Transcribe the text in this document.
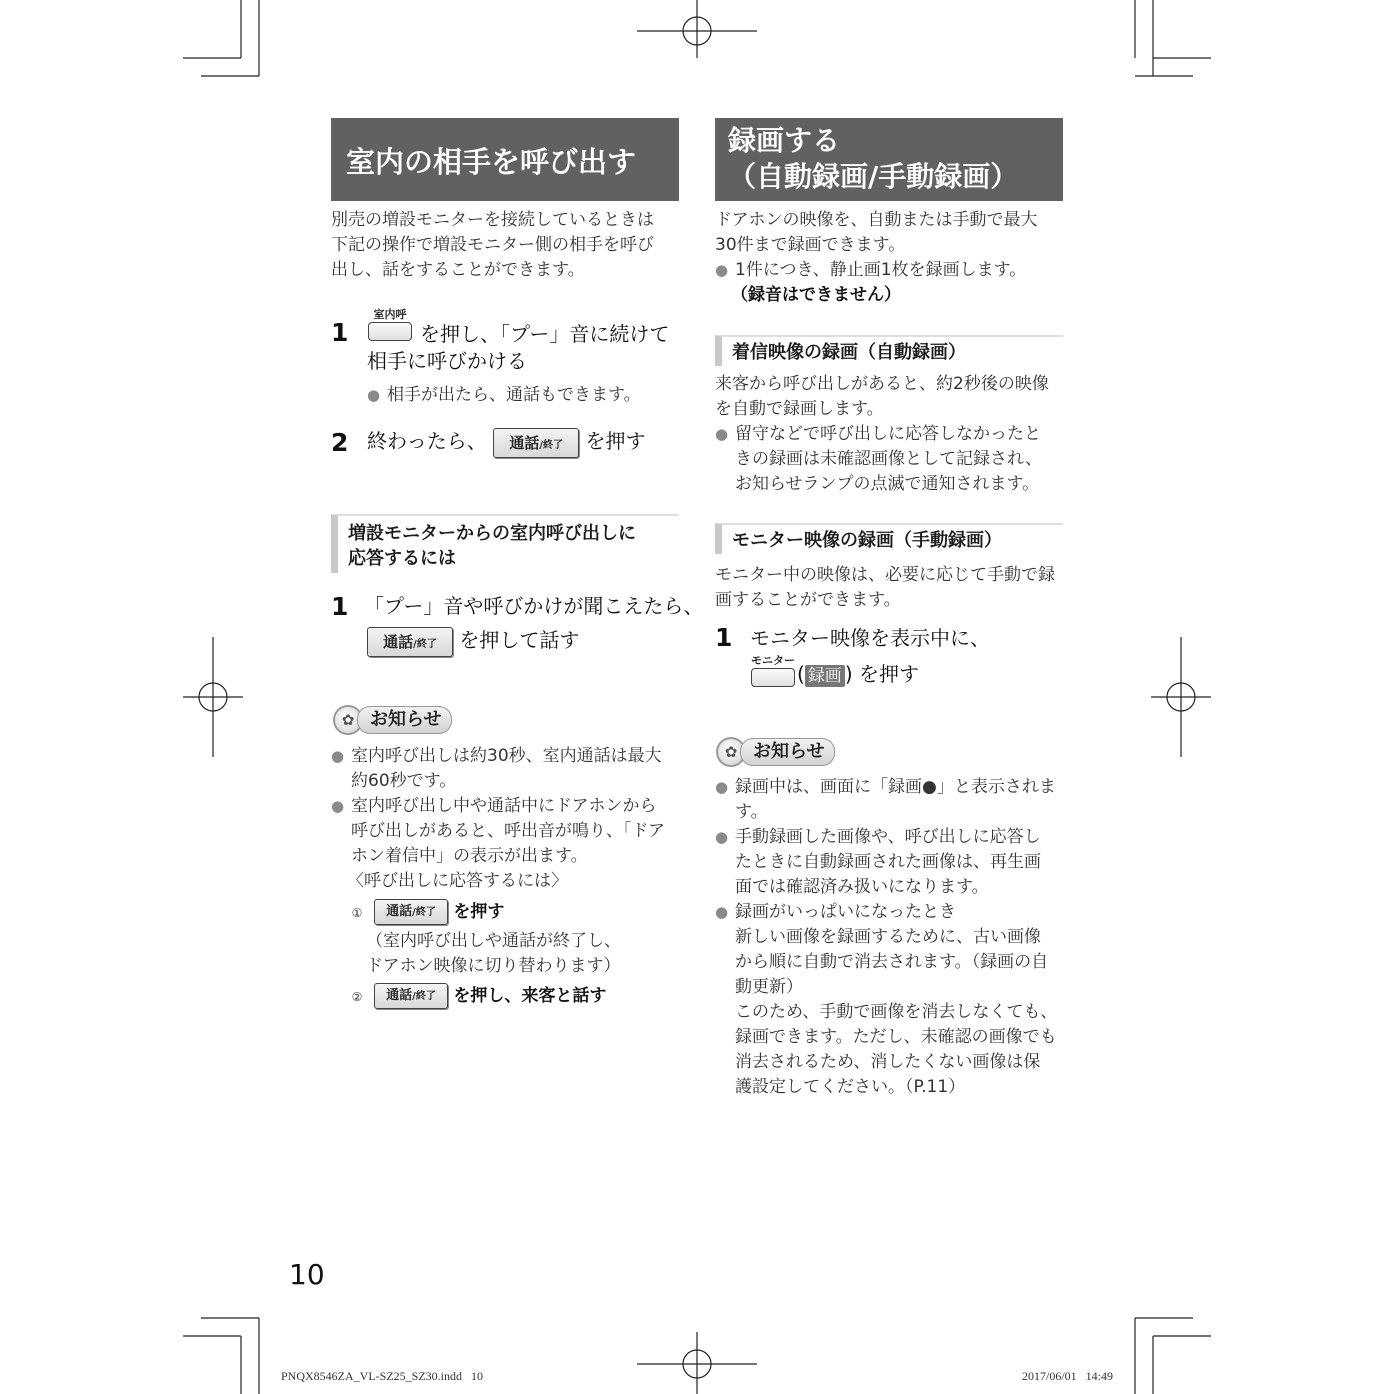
室内の相手を呼び出す
別売の増設モニターを接続しているときは
下記の操作で増設モニター側の相手を呼び
出し、話をすることができます。
1
室内呼
を押し、「プー」音に続けて
相手に呼びかける
● 相手が出たら、通話もできます。
2 終わったら、 通話/終了 を押す
増設モニターからの室内呼び出しに
応答するには
1 「プー」音や呼びかけが聞こえたら、
通話/終了 を押して話す
✿ お知らせ
● 室内呼び出しは約30秒、室内通話は最大
約60秒です。
● 室内呼び出し中や通話中にドアホンから
呼び出しがあると、呼出音が鳴り、「ドア
ホン着信中」の表示が出ます。
〈呼び出しに応答するには〉
① 通話/終了 を押す
（室内呼び出しや通話が終了し、
ドアホン映像に切り替わります）
② 通話/終了 を押し、来客と話す
録画する
（自動録画/手動録画）
ドアホンの映像を、自動または手動で最大
30件まで録画できます。
● 1件につき、静止画1枚を録画します。
（録音はできません）
着信映像の録画（自動録画）
来客から呼び出しがあると、約2秒後の映像
を自動で録画します。
● 留守などで呼び出しに応答しなかったと
きの録画は未確認画像として記録され、
お知らせランプの点滅で通知されます。
モニター映像の録画（手動録画）
モニター中の映像は、必要に応じて手動で録
画することができます。
1 モニター映像を表示中に、
モニター
( 録画 ) を押す
✿ お知らせ
● 録画中は、画面に「録画●」と表示されま
す。
● 手動録画した画像や、呼び出しに応答し
たときに自動録画された画像は、再生画
面では確認済み扱いになります。
● 録画がいっぱいになったとき
新しい画像を録画するために、古い画像
から順に自動で消去されます。（録画の自
動更新）
このため、手動で画像を消去しなくても、
録画できます。ただし、未確認の画像でも
消去されるため、消したくない画像は保
護設定してください。（P.11）
10
PNQX8546ZA_VL-SZ25_SZ30.indd   10	2017/06/01   14:49
